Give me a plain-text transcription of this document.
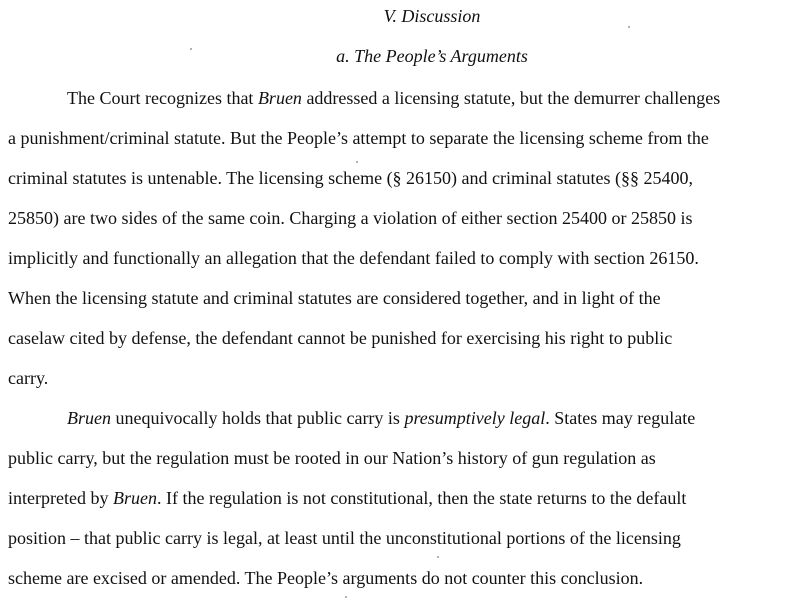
V. Discussion
a. The People’s Arguments
The Court recognizes that Bruen addressed a licensing statute, but the demurrer challenges
a punishment/criminal statute. But the People’s attempt to separate the licensing scheme from the
criminal statutes is untenable. The licensing scheme (§ 26150) and criminal statutes (§§ 25400,
25850) are two sides of the same coin. Charging a violation of either section 25400 or 25850 is
implicitly and functionally an allegation that the defendant failed to comply with section 26150.
When the licensing statute and criminal statutes are considered together, and in light of the
caselaw cited by defense, the defendant cannot be punished for exercising his right to public
carry.
Bruen unequivocally holds that public carry is presumptively legal. States may regulate
public carry, but the regulation must be rooted in our Nation’s history of gun regulation as
interpreted by Bruen. If the regulation is not constitutional, then the state returns to the default
position – that public carry is legal, at least until the unconstitutional portions of the licensing
scheme are excised or amended. The People’s arguments do not counter this conclusion.
